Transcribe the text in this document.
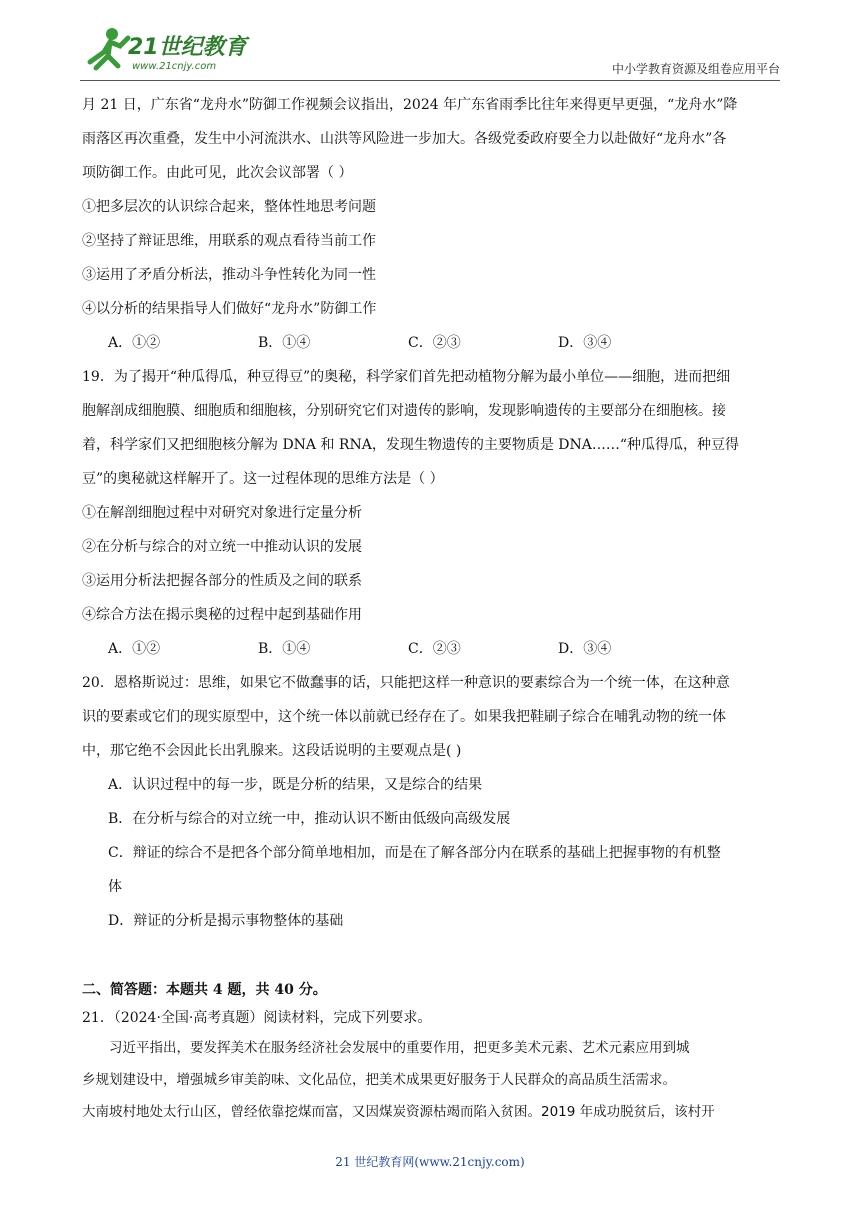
21世纪教育
www.21cnjy.com	中小学教育资源及组卷应用平台

月 21 日，广东省“龙舟水”防御工作视频会议指出，2024 年广东省雨季比往年来得更早更强，“龙舟水”降

雨落区再次重叠，发生中小河流洪水、山洪等风险进一步加大。各级党委政府要全力以赴做好“龙舟水”各

项防御工作。由此可见，此次会议部署（ ）

①把多层次的认识综合起来，整体性地思考问题

②坚持了辩证思维，用联系的观点看待当前工作

③运用了矛盾分析法，推动斗争性转化为同一性

④以分析的结果指导人们做好“龙舟水”防御工作

A．①②	B．①④	C．②③	D．③④

19．为了揭开“种瓜得瓜，种豆得豆”的奥秘，科学家们首先把动植物分解为最小单位——细胞，进而把细

胞解剖成细胞膜、细胞质和细胞核，分别研究它们对遗传的影响，发现影响遗传的主要部分在细胞核。接

着，科学家们又把细胞核分解为 DNA 和 RNA，发现生物遗传的主要物质是 DNA……“种瓜得瓜，种豆得

豆”的奥秘就这样解开了。这一过程体现的思维方法是（ ）

①在解剖细胞过程中对研究对象进行定量分析

②在分析与综合的对立统一中推动认识的发展

③运用分析法把握各部分的性质及之间的联系

④综合方法在揭示奥秘的过程中起到基础作用

A．①②	B．①④	C．②③	D．③④

20．恩格斯说过：思维，如果它不做蠢事的话，只能把这样一种意识的要素综合为一个统一体，在这种意

识的要素或它们的现实原型中，这个统一体以前就已经存在了。如果我把鞋刷子综合在哺乳动物的统一体

中，那它绝不会因此长出乳腺来。这段话说明的主要观点是( )

A．认识过程中的每一步，既是分析的结果，又是综合的结果

B．在分析与综合的对立统一中，推动认识不断由低级向高级发展

C．辩证的综合不是把各个部分简单地相加，而是在了解各部分内在联系的基础上把握事物的有机整

体

D．辩证的分析是揭示事物整体的基础

二、简答题：本题共 4 题，共 40 分。

21．（2024·全国·高考真题）阅读材料，完成下列要求。

习近平指出，要发挥美术在服务经济社会发展中的重要作用，把更多美术元素、艺术元素应用到城

乡规划建设中，增强城乡审美韵味、文化品位，把美术成果更好服务于人民群众的高品质生活需求。

大南坡村地处太行山区，曾经依靠挖煤而富，又因煤炭资源枯竭而陷入贫困。2019 年成功脱贫后，该村开

21 世纪教育网(www.21cnjy.com)
